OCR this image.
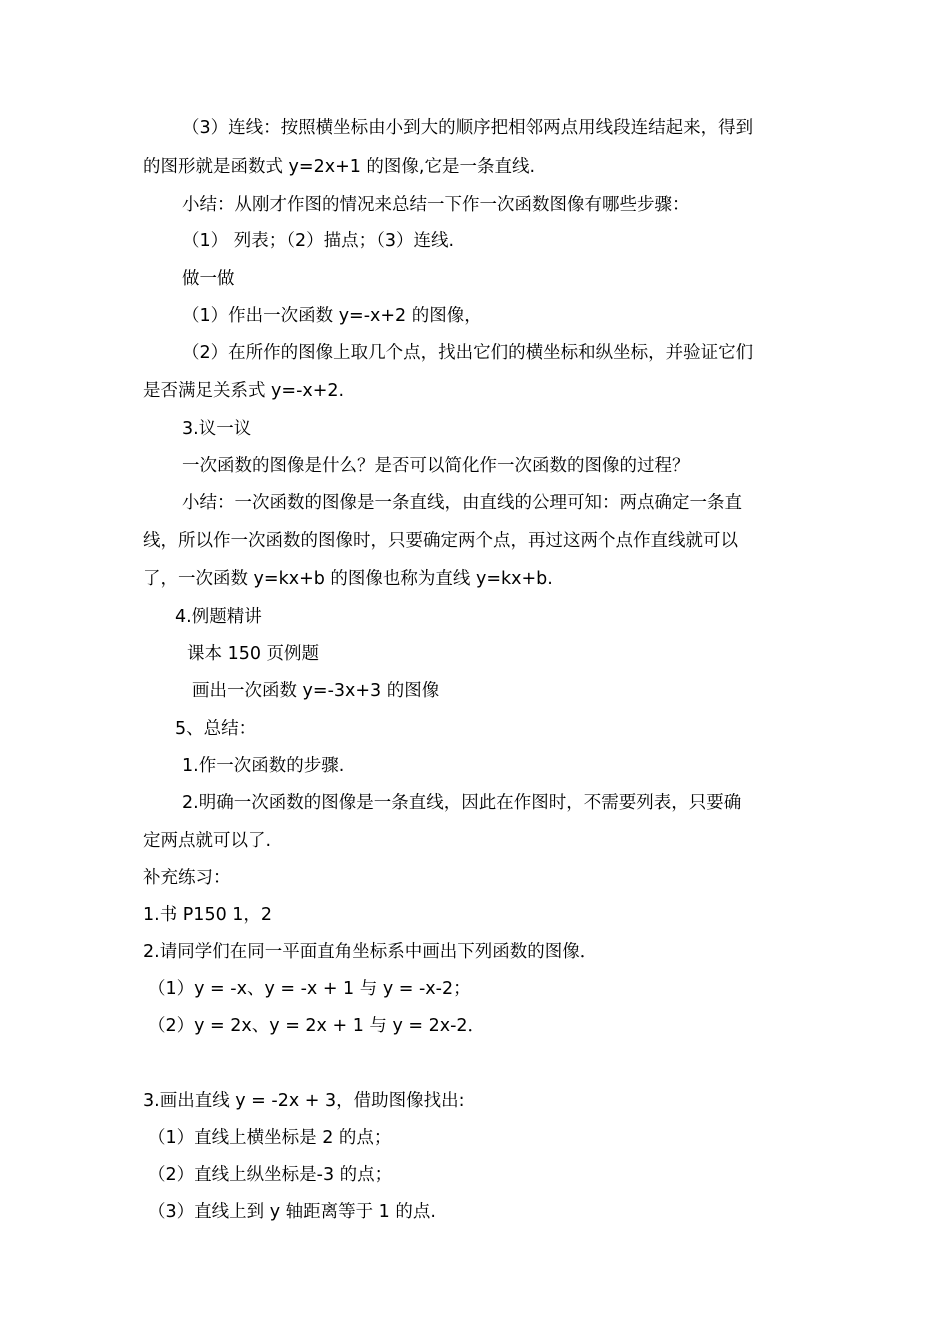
（3）连线：按照横坐标由小到大的顺序把相邻两点用线段连结起来，得到
的图形就是函数式 y=2x+1 的图像,它是一条直线.
小结：从刚才作图的情况来总结一下作一次函数图像有哪些步骤：
（1） 列表；（2）描点；（3）连线.
做一做
（1）作出一次函数 y=-x+2 的图像，
（2）在所作的图像上取几个点，找出它们的横坐标和纵坐标，并验证它们
是否满足关系式 y=-x+2.
3.议一议
一次函数的图像是什么？是否可以简化作一次函数的图像的过程？
小结：一次函数的图像是一条直线，由直线的公理可知：两点确定一条直
线，所以作一次函数的图像时，只要确定两个点，再过这两个点作直线就可以
了，一次函数 y=kx+b 的图像也称为直线 y=kx+b.
4.例题精讲
课本 150 页例题
画出一次函数 y=-3x+3 的图像
5、总结：
1.作一次函数的步骤.
2.明确一次函数的图像是一条直线，因此在作图时，不需要列表，只要确
定两点就可以了.
补充练习：
1.书 P150 1，2
2.请同学们在同一平面直角坐标系中画出下列函数的图像．
（1）y = -x、y = -x + 1 与 y = -x-2；
（2）y = 2x、y = 2x + 1 与 y = 2x-2．
3.画出直线 y = -2x + 3，借助图像找出:
（1）直线上横坐标是 2 的点；
（2）直线上纵坐标是-3 的点；
（3）直线上到 y 轴距离等于 1 的点.
